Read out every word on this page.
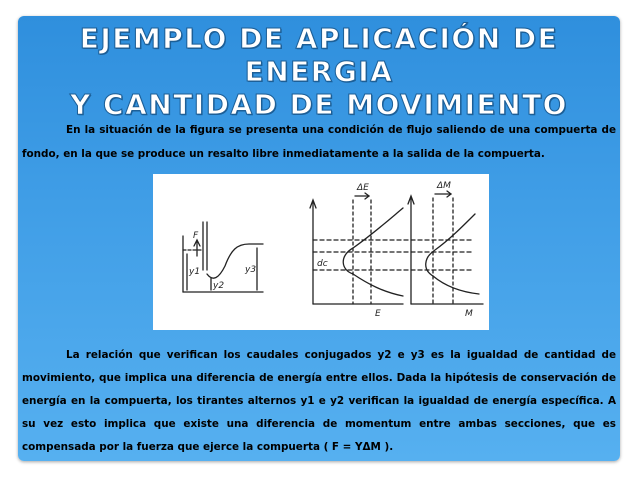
EJEMPLO DE APLICACIÓN DE ENERGIA
Y CANTIDAD DE MOVIMIENTO
En la situación de la figura se presenta una condición de flujo saliendo de una compuerta de fondo, en la que se produce un resalto libre inmediatamente a la salida de la compuerta.
F
y1
y2
y3
ΔE	ΔM
E	M
dc
La relación que verifican los caudales conjugados y2 e y3 es la igualdad de cantidad de movimiento, que implica una diferencia de energía entre ellos. Dada la hipótesis de conservación de energía en la compuerta, los tirantes alternos y1 e y2 verifican la igualdad de energía específica. A su vez esto implica que existe una diferencia de momentum entre ambas secciones, que es compensada por la fuerza que ejerce la compuerta ( F = YΔM ).
